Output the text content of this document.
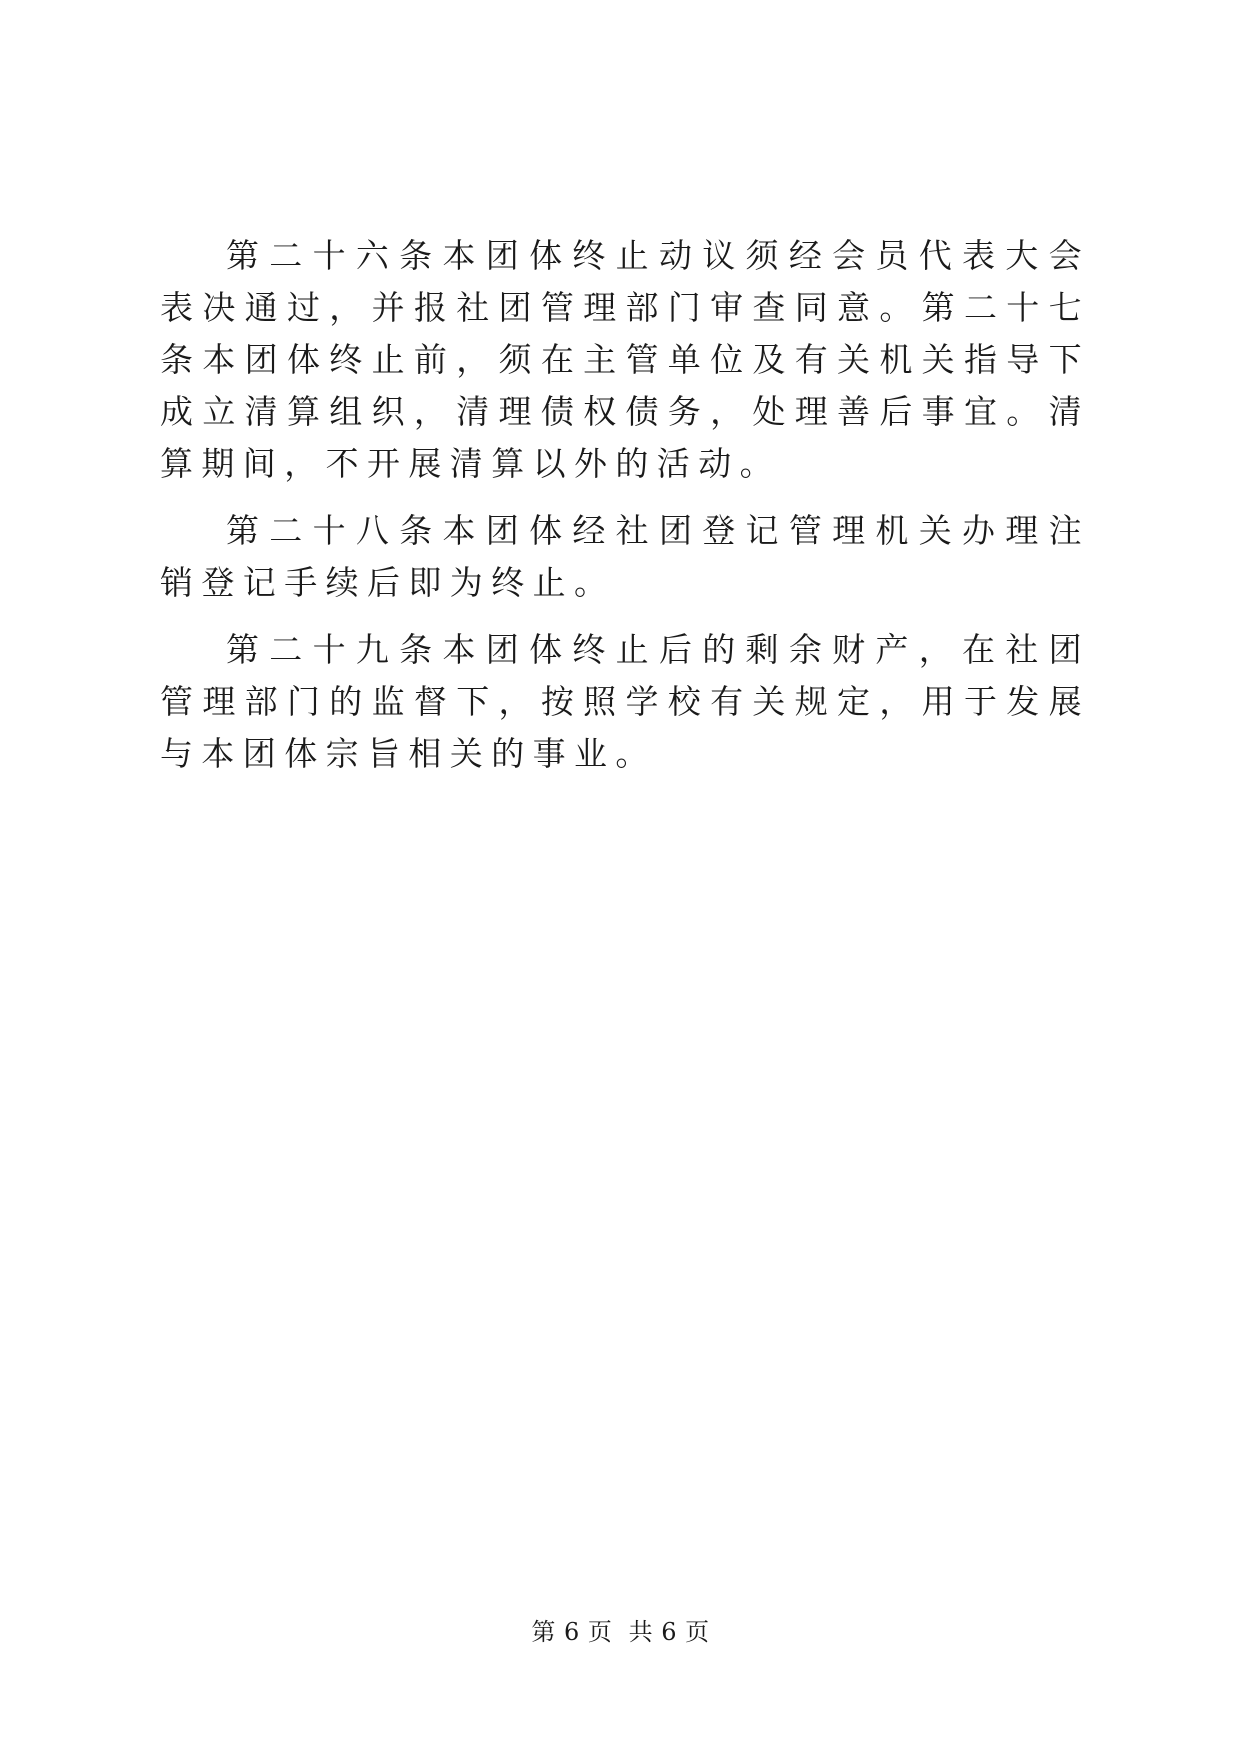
第二十六条本团体终止动议须经会员代表大会表决通过，并报社团管理部门审查同意。第二十七条本团体终止前，须在主管单位及有关机关指导下成立清算组织，清理债权债务，处理善后事宜。清算期间，不开展清算以外的活动。

第二十八条本团体经社团登记管理机关办理注销登记手续后即为终止。

第二十九条本团体终止后的剩余财产，在社团管理部门的监督下，按照学校有关规定，用于发展与本团体宗旨相关的事业。

第 6 页  共 6 页
